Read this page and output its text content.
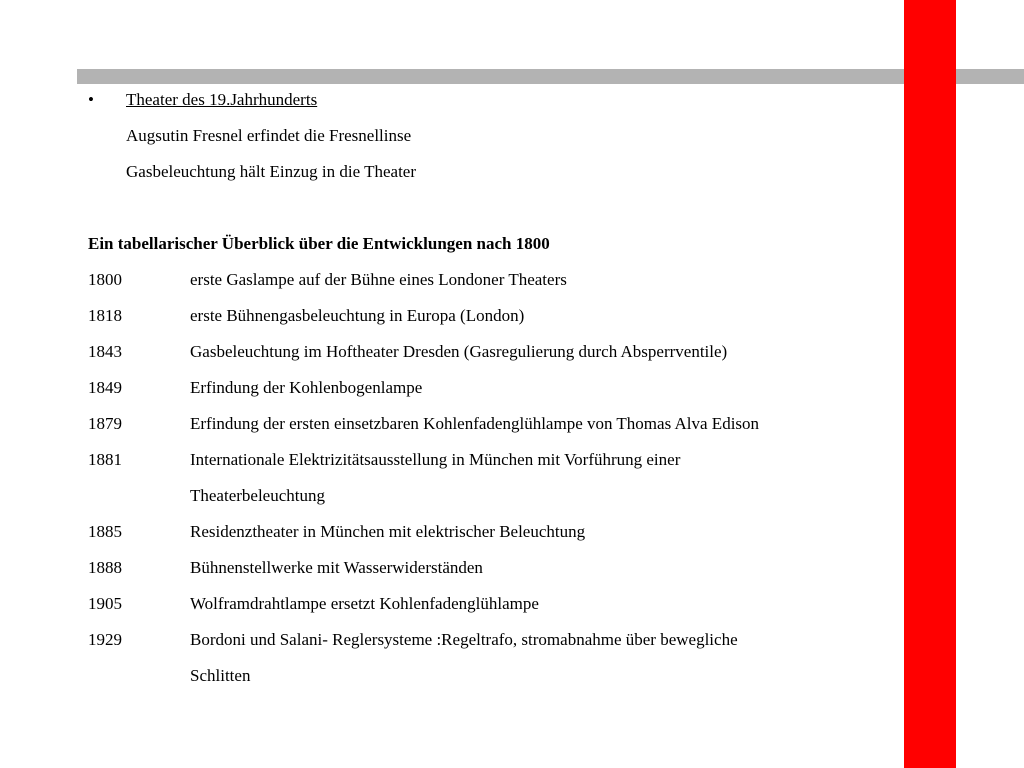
•	Theater des 19.Jahrhunderts
Augsutin Fresnel erfindet die Fresnellinse
Gasbeleuchtung hält Einzug in die Theater
Ein tabellarischer Überblick über die Entwicklungen nach 1800
1800	erste Gaslampe auf der Bühne eines Londoner Theaters
1818	erste Bühnengasbeleuchtung in Europa (London)
1843	Gasbeleuchtung im Hoftheater Dresden (Gasregulierung durch Absperrventile)
1849	Erfindung der Kohlenbogenlampe
1879	Erfindung der ersten einsetzbaren Kohlenfadenglühlampe von Thomas Alva Edison
1881	Internationale Elektrizitätsausstellung in München mit Vorführung einer
Theaterbeleuchtung
1885	Residenztheater in München mit elektrischer Beleuchtung
1888	Bühnenstellwerke mit Wasserwiderständen
1905	Wolframdrahtlampe ersetzt Kohlenfadenglühlampe
1929	Bordoni und Salani- Reglersysteme :Regeltrafo, stromabnahme über bewegliche
Schlitten
